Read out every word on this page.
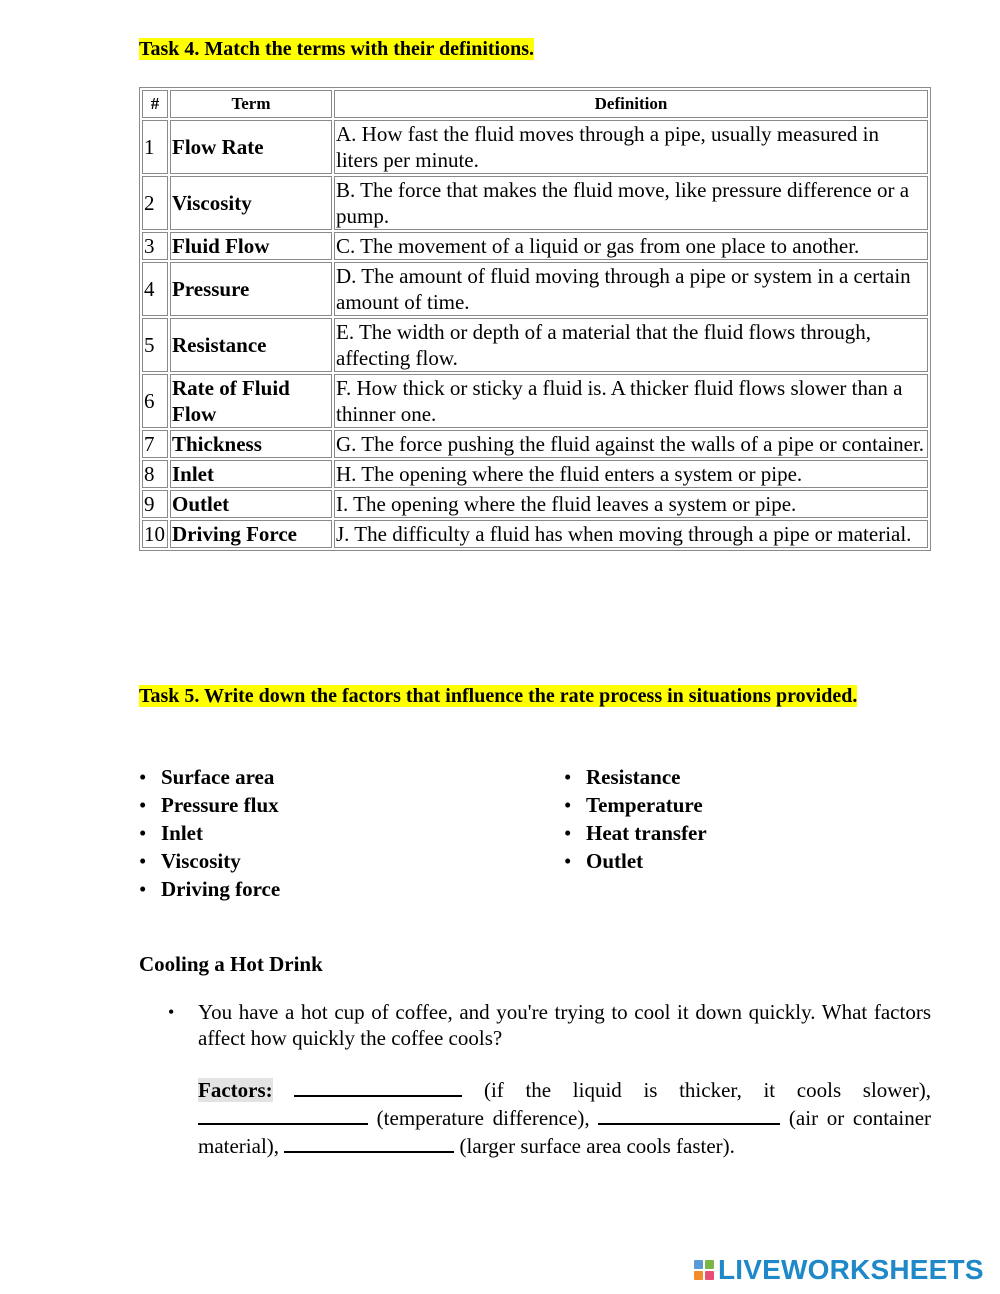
Task 4. Match the terms with their definitions.
#	Term	Definition
1	Flow Rate	A. How fast the fluid moves through a pipe, usually measured in liters per minute.
2	Viscosity	B. The force that makes the fluid move, like pressure difference or a pump.
3	Fluid Flow	C. The movement of a liquid or gas from one place to another.
4	Pressure	D. The amount of fluid moving through a pipe or system in a certain amount of time.
5	Resistance	E. The width or depth of a material that the fluid flows through, affecting flow.
6	Rate of Fluid Flow	F. How thick or sticky a fluid is. A thicker fluid flows slower than a thinner one.
7	Thickness	G. The force pushing the fluid against the walls of a pipe or container.
8	Inlet	H. The opening where the fluid enters a system or pipe.
9	Outlet	I. The opening where the fluid leaves a system or pipe.
10	Driving Force	J. The difficulty a fluid has when moving through a pipe or material.
Task 5. Write down the factors that influence the rate process in situations provided.
• Surface area
• Pressure flux
• Inlet
• Viscosity
• Driving force
• Resistance
• Temperature
• Heat transfer
• Outlet
Cooling a Hot Drink
• You have a hot cup of coffee, and you're trying to cool it down quickly. What factors affect how quickly the coffee cools?
Factors:	(if the liquid is thicker, it cools slower),  (temperature difference),	(air or container material),	(larger surface area cools faster).
LIVEWORKSHEETS
